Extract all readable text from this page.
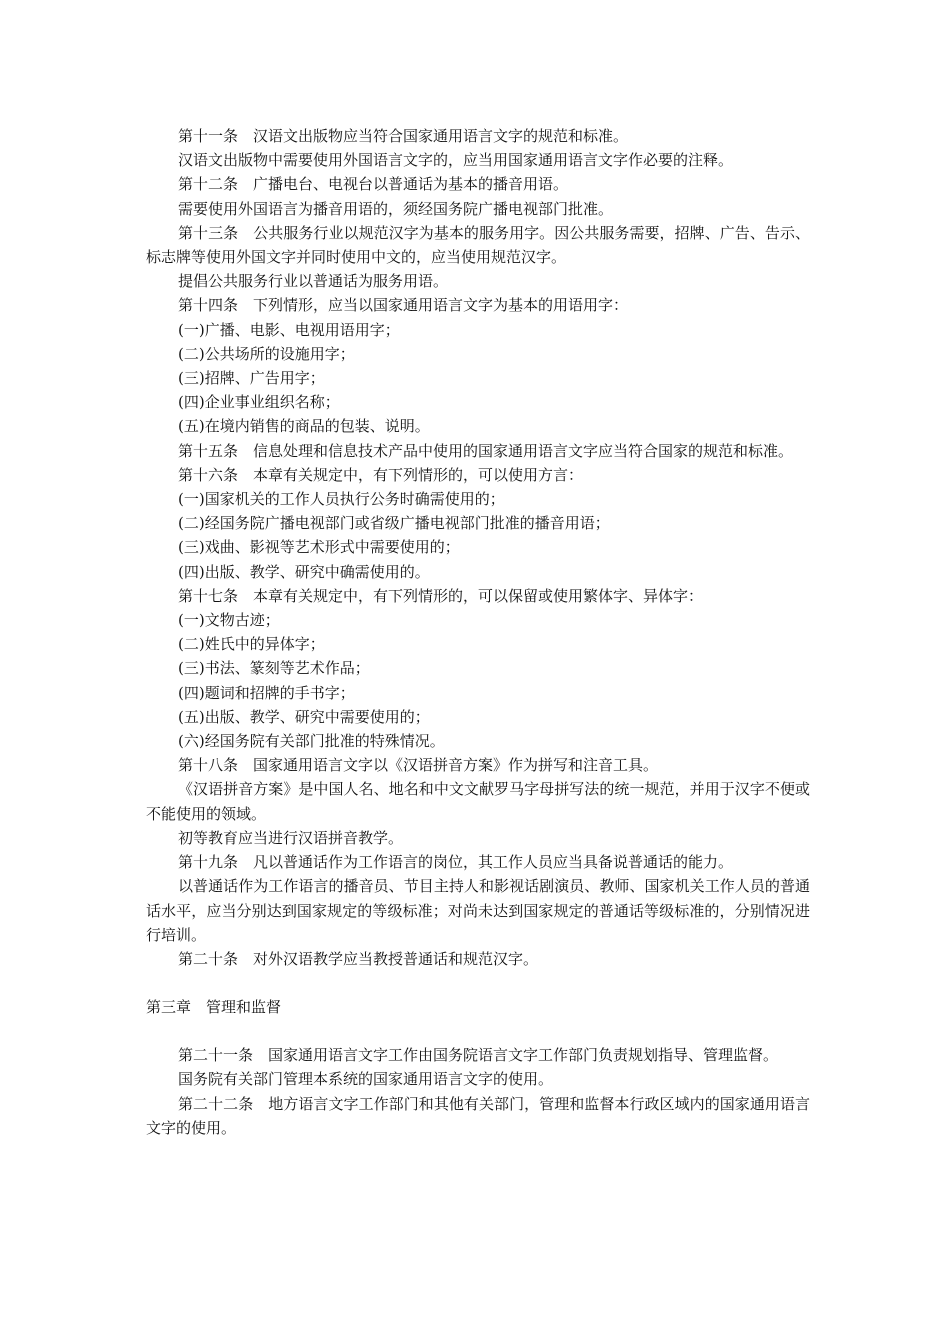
第十一条　汉语文出版物应当符合国家通用语言文字的规范和标准。

汉语文出版物中需要使用外国语言文字的，应当用国家通用语言文字作必要的注释。

第十二条　广播电台、电视台以普通话为基本的播音用语。

需要使用外国语言为播音用语的，须经国务院广播电视部门批准。

第十三条　公共服务行业以规范汉字为基本的服务用字。因公共服务需要，招牌、广告、告示、标志牌等使用外国文字并同时使用中文的，应当使用规范汉字。

提倡公共服务行业以普通话为服务用语。

第十四条　下列情形，应当以国家通用语言文字为基本的用语用字：

(一)广播、电影、电视用语用字；

(二)公共场所的设施用字；

(三)招牌、广告用字；

(四)企业事业组织名称；

(五)在境内销售的商品的包装、说明。

第十五条　信息处理和信息技术产品中使用的国家通用语言文字应当符合国家的规范和标准。

第十六条　本章有关规定中，有下列情形的，可以使用方言：

(一)国家机关的工作人员执行公务时确需使用的；

(二)经国务院广播电视部门或省级广播电视部门批准的播音用语；

(三)戏曲、影视等艺术形式中需要使用的；

(四)出版、教学、研究中确需使用的。

第十七条　本章有关规定中，有下列情形的，可以保留或使用繁体字、异体字：

(一)文物古迹；

(二)姓氏中的异体字；

(三)书法、篆刻等艺术作品；

(四)题词和招牌的手书字；

(五)出版、教学、研究中需要使用的；

(六)经国务院有关部门批准的特殊情况。

第十八条　国家通用语言文字以《汉语拼音方案》作为拼写和注音工具。

《汉语拼音方案》是中国人名、地名和中文文献罗马字母拼写法的统一规范，并用于汉字不便或不能使用的领域。

初等教育应当进行汉语拼音教学。

第十九条　凡以普通话作为工作语言的岗位，其工作人员应当具备说普通话的能力。

以普通话作为工作语言的播音员、节目主持人和影视话剧演员、教师、国家机关工作人员的普通话水平，应当分别达到国家规定的等级标准；对尚未达到国家规定的普通话等级标准的，分别情况进行培训。

第二十条　对外汉语教学应当教授普通话和规范汉字。

第三章　管理和监督

第二十一条　国家通用语言文字工作由国务院语言文字工作部门负责规划指导、管理监督。

国务院有关部门管理本系统的国家通用语言文字的使用。

第二十二条　地方语言文字工作部门和其他有关部门，管理和监督本行政区域内的国家通用语言文字的使用。
